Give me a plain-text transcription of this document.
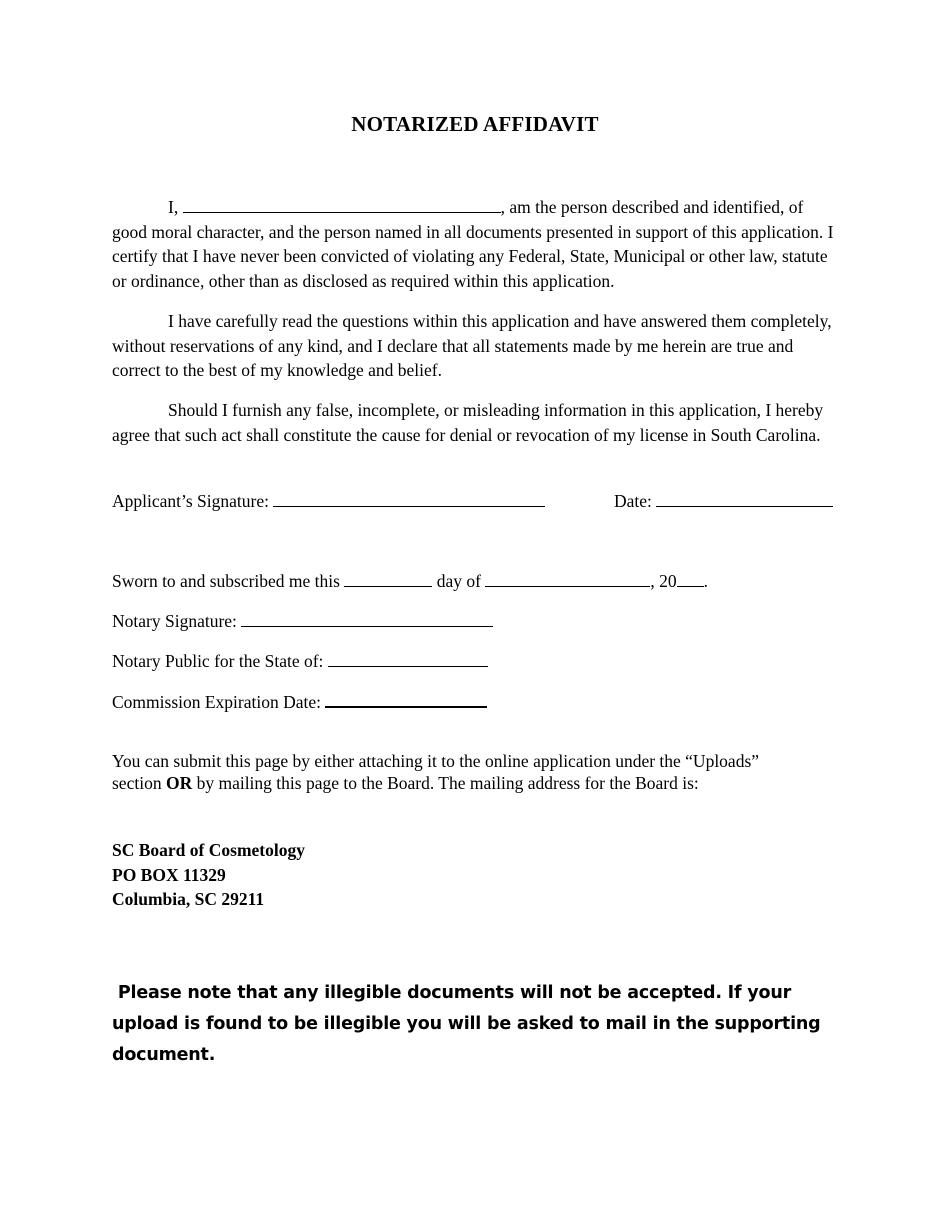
NOTARIZED AFFIDAVIT
I,	, am the person described and identified, of good moral character, and the person named in all documents presented in support of this application. I certify that I have never been convicted of violating any Federal, State, Municipal or other law, statute or ordinance, other than as disclosed as required within this application.
I have carefully read the questions within this application and have answered them completely, without reservations of any kind, and I declare that all statements made by me herein are true and correct to the best of my knowledge and belief.
Should I furnish any false, incomplete, or misleading information in this application, I hereby agree that such act shall constitute the cause for denial or revocation of my license in South Carolina.
Applicant’s Signature:	Date:
Sworn to and subscribed me this	day of	, 20 .
Notary Signature:
Notary Public for the State of:
Commission Expiration Date:
You can submit this page by either attaching it to the online application under the “Uploads” section OR by mailing this page to the Board. The mailing address for the Board is:
SC Board of Cosmetology
PO BOX 11329
Columbia, SC 29211
Please note that any illegible documents will not be accepted. If your upload is found to be illegible you will be asked to mail in the supporting document.
